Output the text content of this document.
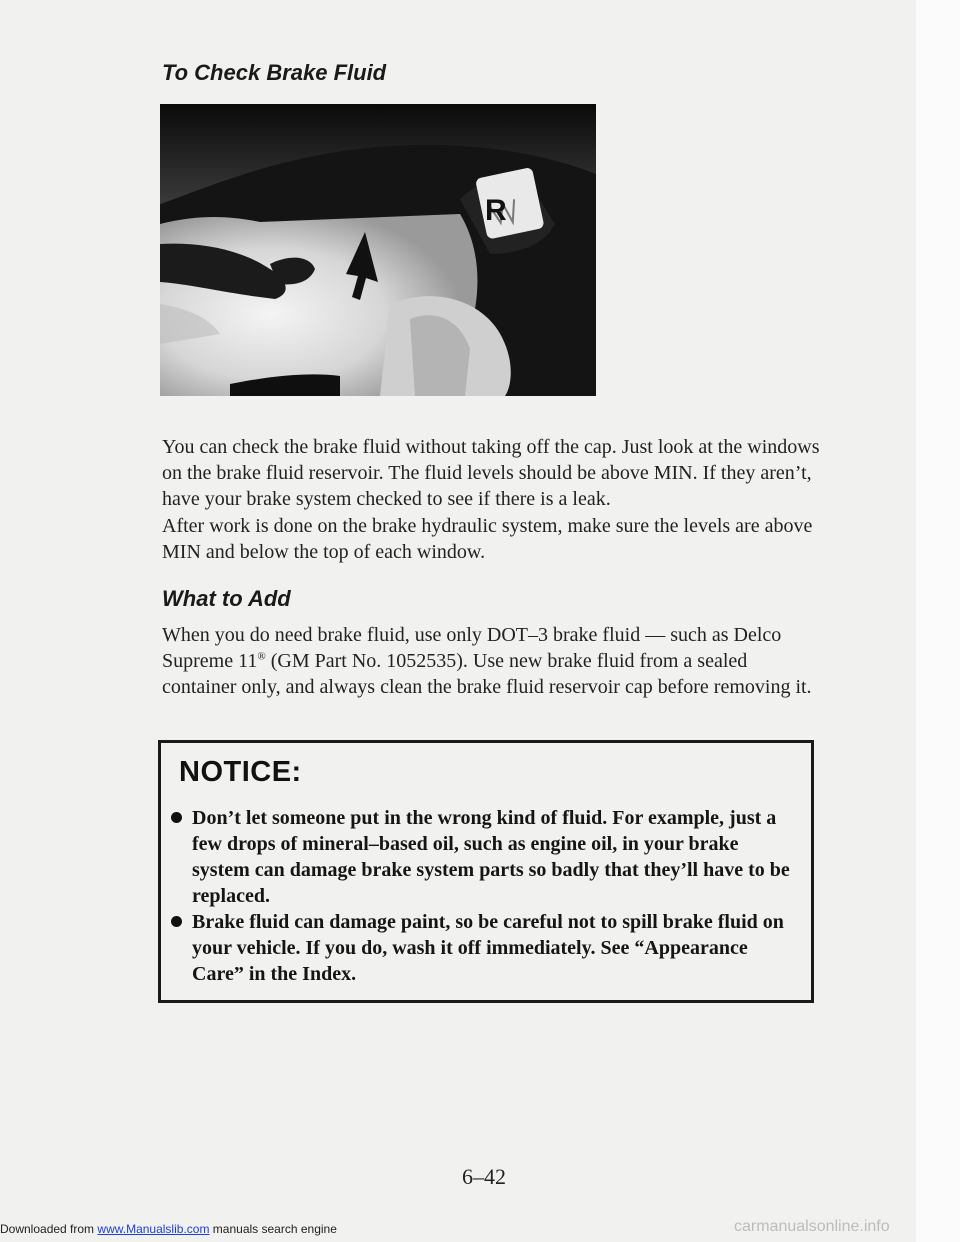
To Check Brake Fluid
R

You can check the brake fluid without taking off the cap. Just look at the windows on the brake fluid reservoir. The fluid levels should be above MIN. If they aren’t, have your brake system checked to see if there is a leak.

After work is done on the brake hydraulic system, make sure the levels are above MIN and below the top of each window.

What to Add

When you do need brake fluid, use only DOT–3 brake fluid — such as Delco Supreme 11® (GM Part No. 1052535). Use new brake fluid from a sealed container only, and always clean the brake fluid reservoir cap before removing it.

NOTICE:

Don’t let someone put in the wrong kind of fluid. For example, just a few drops of mineral–based oil, such as engine oil, in your brake system can damage brake system parts so badly that they’ll have to be replaced.

Brake fluid can damage paint, so be careful not to spill brake fluid on your vehicle. If you do, wash it off immediately. See “Appearance Care” in the Index.

6–42

Downloaded from www.Manualslib.com manuals search engine	carmanualsonline.info
